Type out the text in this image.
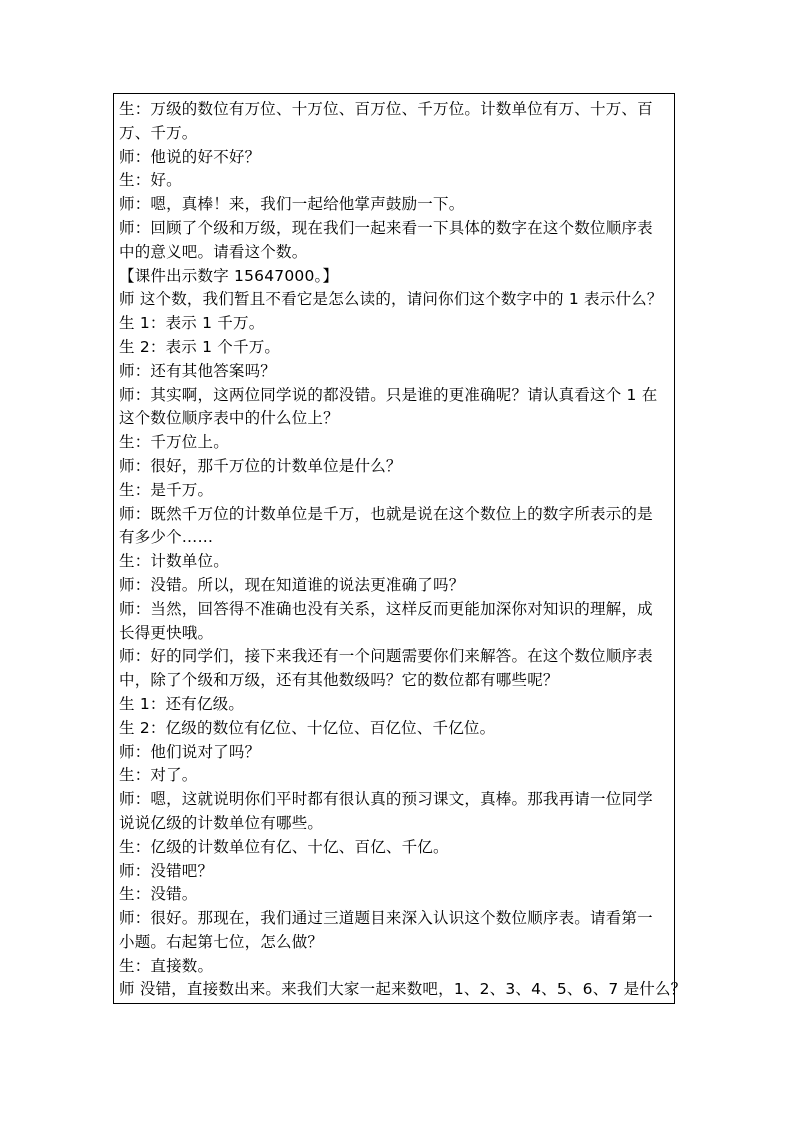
生：万级的数位有万位、十万位、百万位、千万位。计数单位有万、十万、百
万、千万。
师：他说的好不好？
生：好。
师：嗯，真棒！来，我们一起给他掌声鼓励一下。
师：回顾了个级和万级，现在我们一起来看一下具体的数字在这个数位顺序表
中的意义吧。请看这个数。
【课件出示数字 15647000。】
师 这个数，我们暂且不看它是怎么读的，请问你们这个数字中的 1 表示什么？
生 1：表示 1 千万。
生 2：表示 1 个千万。
师：还有其他答案吗？
师：其实啊，这两位同学说的都没错。只是谁的更准确呢？请认真看这个 1 在
这个数位顺序表中的什么位上？
生：千万位上。
师：很好，那千万位的计数单位是什么？
生：是千万。
师：既然千万位的计数单位是千万，也就是说在这个数位上的数字所表示的是
有多少个……
生：计数单位。
师：没错。所以，现在知道谁的说法更准确了吗？
师：当然，回答得不准确也没有关系，这样反而更能加深你对知识的理解，成
长得更快哦。
师：好的同学们，接下来我还有一个问题需要你们来解答。在这个数位顺序表
中，除了个级和万级，还有其他数级吗？它的数位都有哪些呢？
生 1：还有亿级。
生 2：亿级的数位有亿位、十亿位、百亿位、千亿位。
师：他们说对了吗？
生：对了。
师：嗯，这就说明你们平时都有很认真的预习课文，真棒。那我再请一位同学
说说亿级的计数单位有哪些。
生：亿级的计数单位有亿、十亿、百亿、千亿。
师：没错吧？
生：没错。
师：很好。那现在，我们通过三道题目来深入认识这个数位顺序表。请看第一
小题。右起第七位，怎么做？
生：直接数。
师 没错，直接数出来。来我们大家一起来数吧，1、2、3、4、5、6、7 是什么？
